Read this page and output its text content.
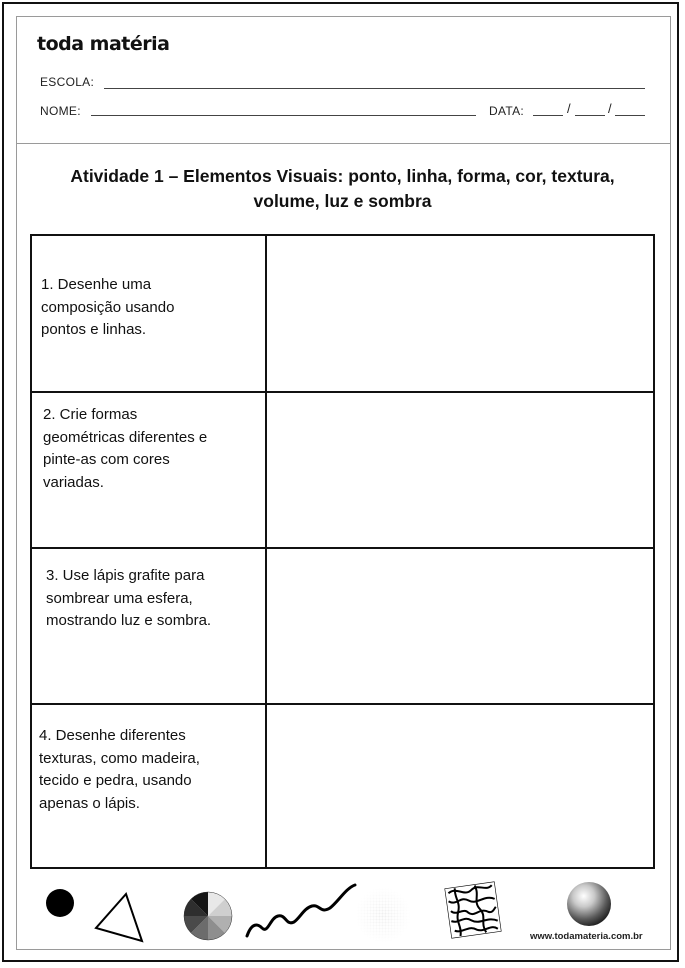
toda matéria
ESCOLA:
NOME:	DATA:	/	/
Atividade 1 – Elementos Visuais: ponto, linha, forma, cor, textura,
volume, luz e sombra
1. Desenhe uma
composição usando
pontos e linhas.
2. Crie formas
geométricas diferentes e
pinte-as com cores
variadas.
3. Use lápis grafite para
sombrear uma esfera,
mostrando luz e sombra.
4. Desenhe diferentes
texturas, como madeira,
tecido e pedra, usando
apenas o lápis.
www.todamateria.com.br
